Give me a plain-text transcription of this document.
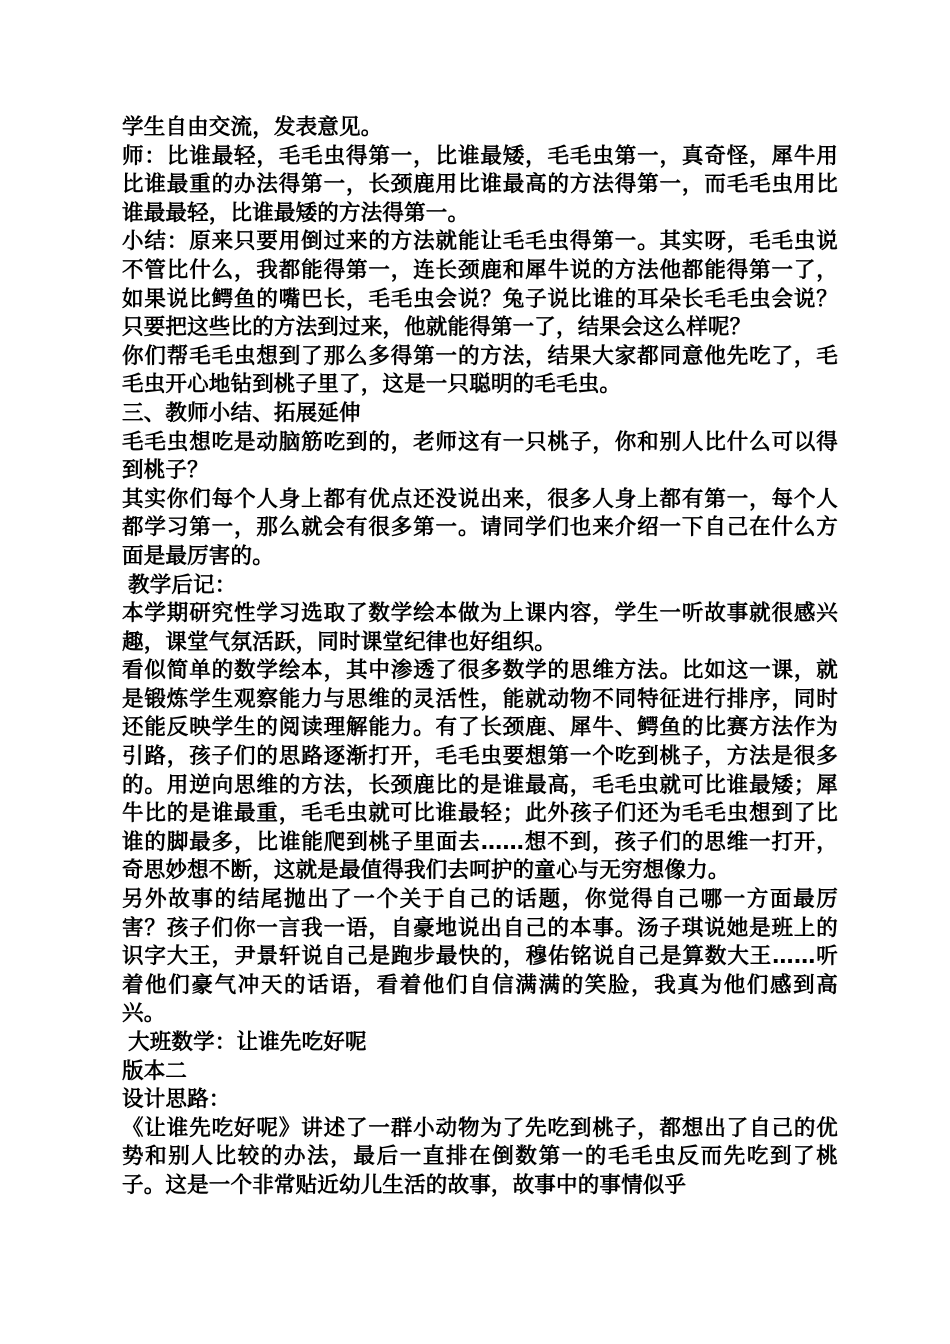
学生自由交流，发表意见。

师：比谁最轻，毛毛虫得第一，比谁最矮，毛毛虫第一，真奇怪，犀牛用比谁最重的办法得第一，长颈鹿用比谁最高的方法得第一，而毛毛虫用比谁最最轻，比谁最矮的方法得第一。

小结：原来只要用倒过来的方法就能让毛毛虫得第一。其实呀，毛毛虫说不管比什么，我都能得第一，连长颈鹿和犀牛说的方法他都能得第一了，如果说比鳄鱼的嘴巴长，毛毛虫会说？兔子说比谁的耳朵长毛毛虫会说？只要把这些比的方法到过来，他就能得第一了，结果会这么样呢？

你们帮毛毛虫想到了那么多得第一的方法，结果大家都同意他先吃了，毛毛虫开心地钻到桃子里了，这是一只聪明的毛毛虫。

三、教师小结、拓展延伸

毛毛虫想吃是动脑筋吃到的，老师这有一只桃子，你和别人比什么可以得到桃子？

其实你们每个人身上都有优点还没说出来，很多人身上都有第一，每个人都学习第一，那么就会有很多第一。请同学们也来介绍一下自己在什么方面是最厉害的。

教学后记：

本学期研究性学习选取了数学绘本做为上课内容，学生一听故事就很感兴趣，课堂气氛活跃，同时课堂纪律也好组织。

看似简单的数学绘本，其中渗透了很多数学的思维方法。比如这一课，就是锻炼学生观察能力与思维的灵活性，能就动物不同特征进行排序，同时还能反映学生的阅读理解能力。有了长颈鹿、犀牛、鳄鱼的比赛方法作为引路，孩子们的思路逐渐打开，毛毛虫要想第一个吃到桃子，方法是很多的。用逆向思维的方法，长颈鹿比的是谁最高，毛毛虫就可比谁最矮；犀牛比的是谁最重，毛毛虫就可比谁最轻；此外孩子们还为毛毛虫想到了比谁的脚最多，比谁能爬到桃子里面去……想不到，孩子们的思维一打开，奇思妙想不断，这就是最值得我们去呵护的童心与无穷想像力。

另外故事的结尾抛出了一个关于自己的话题，你觉得自己哪一方面最厉害？孩子们你一言我一语，自豪地说出自己的本事。汤子琪说她是班上的识字大王，尹景轩说自己是跑步最快的，穆佑铭说自己是算数大王……听着他们豪气冲天的话语，看着他们自信满满的笑脸，我真为他们感到高兴。

大班数学：让谁先吃好呢

版本二

设计思路：

《让谁先吃好呢》讲述了一群小动物为了先吃到桃子，都想出了自己的优势和别人比较的办法，最后一直排在倒数第一的毛毛虫反而先吃到了桃子。这是一个非常贴近幼儿生活的故事，故事中的事情似乎
